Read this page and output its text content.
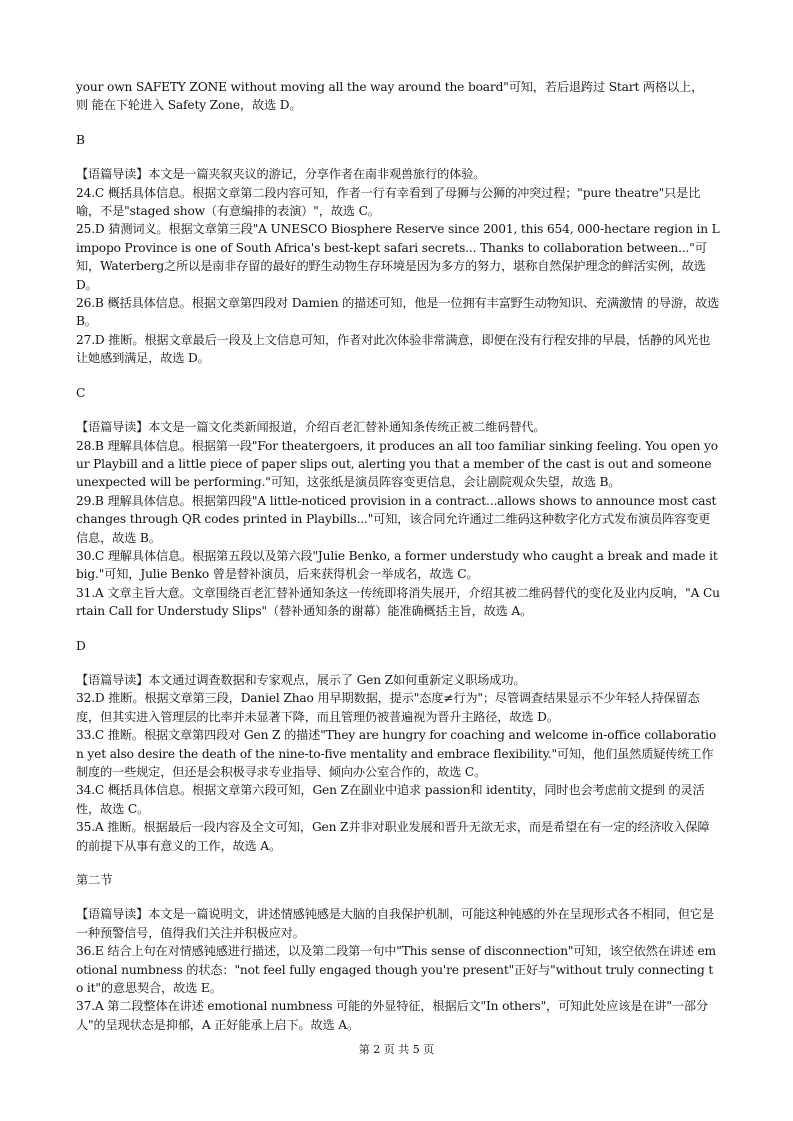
your own SAFETY ZONE without moving all the way around the board"可知，若后退跨过 Start 两格以上，

则 能在下轮进入 Safety Zone，故选 D。

B

【语篇导读】本文是一篇夹叙夹议的游记，分享作者在南非观兽旅行的体验。

24.C 概括具体信息。根据文章第二段内容可知，作者一行有幸看到了母狮与公狮的冲突过程；"pure theatre"只是比喻，不是"staged show（有意编排的表演）"，故选 C。

25.D 猜测词义。根据文章第三段"A UNESCO Biosphere Reserve since 2001, this 654, 000-hectare region in Limpopo Province is one of South Africa's best-kept safari secrets... Thanks to collaboration between..."可知，Waterberg之所以是南非存留的最好的野生动物生存环境是因为多方的努力，堪称自然保护理念的鲜活实例，故选 D。

26.B 概括具体信息。根据文章第四段对 Damien 的描述可知，他是一位拥有丰富野生动物知识、充满激情 的导游，故选 B。

27.D 推断。根据文章最后一段及上文信息可知，作者对此次体验非常满意，即便在没有行程安排的早晨，恬静的风光也让她感到满足，故选 D。

C

【语篇导读】本文是一篇文化类新闻报道，介绍百老汇替补通知条传统正被二维码替代。

28.B 理解具体信息。根据第一段"For theatergoers, it produces an all too familiar sinking feeling. You open your Playbill and a little piece of paper slips out, alerting you that a member of the cast is out and someone unexpected will be performing."可知，这张纸是演员阵容变更信息，会让剧院观众失望，故选 B。

29.B 理解具体信息。根据第四段"A little-noticed provision in a contract...allows shows to announce most cast changes through QR codes printed in Playbills..."可知，该合同允许通过二维码这种数字化方式发布演员阵容变更信息，故选 B。

30.C 理解具体信息。根据第五段以及第六段"Julie Benko, a former understudy who caught a break and made it big."可知，Julie Benko 曾是替补演员，后来获得机会一举成名，故选 C。

31.A 文章主旨大意。文章围绕百老汇替补通知条这一传统即将消失展开，介绍其被二维码替代的变化及业内反响，"A Curtain Call for Understudy Slips"（替补通知条的谢幕）能准确概括主旨，故选 A。

D

【语篇导读】本文通过调查数据和专家观点，展示了 Gen Z如何重新定义职场成功。

32.D 推断。根据文章第三段，Daniel Zhao 用早期数据，提示"态度≠行为"；尽管调查结果显示不少年轻人持保留态度，但其实进入管理层的比率并未显著下降，而且管理仍被普遍视为晋升主路径，故选 D。

33.C 推断。根据文章第四段对 Gen Z 的描述"They are hungry for coaching and welcome in-office collaboration yet also desire the death of the nine-to-five mentality and embrace flexibility."可知，他们虽然质疑传统工作制度的一些规定，但还是会积极寻求专业指导、倾向办公室合作的，故选 C。

34.C 概括具体信息。根据文章第六段可知，Gen Z在副业中追求 passion和 identity，同时也会考虑前文提到 的灵活性，故选 C。

35.A 推断。根据最后一段内容及全文可知，Gen Z并非对职业发展和晋升无欲无求，而是希望在有一定的经济收入保障的前提下从事有意义的工作，故选 A。

第二节

【语篇导读】本文是一篇说明文，讲述情感钝感是大脑的自我保护机制，可能这种钝感的外在呈现形式各不相同，但它是一种预警信号，值得我们关注并积极应对。

36.E 结合上句在对情感钝感进行描述，以及第二段第一句中"This sense of disconnection"可知，该空依然在讲述 emotional numbness 的状态："not feel fully engaged though you're present"正好与"without truly connecting to it"的意思契合，故选 E。

37.A 第二段整体在讲述 emotional numbness 可能的外显特征，根据后文"In others"，可知此处应该是在讲"一部分人"的呈现状态是抑郁，A 正好能承上启下。故选 A。

第 2 页 共 5 页
